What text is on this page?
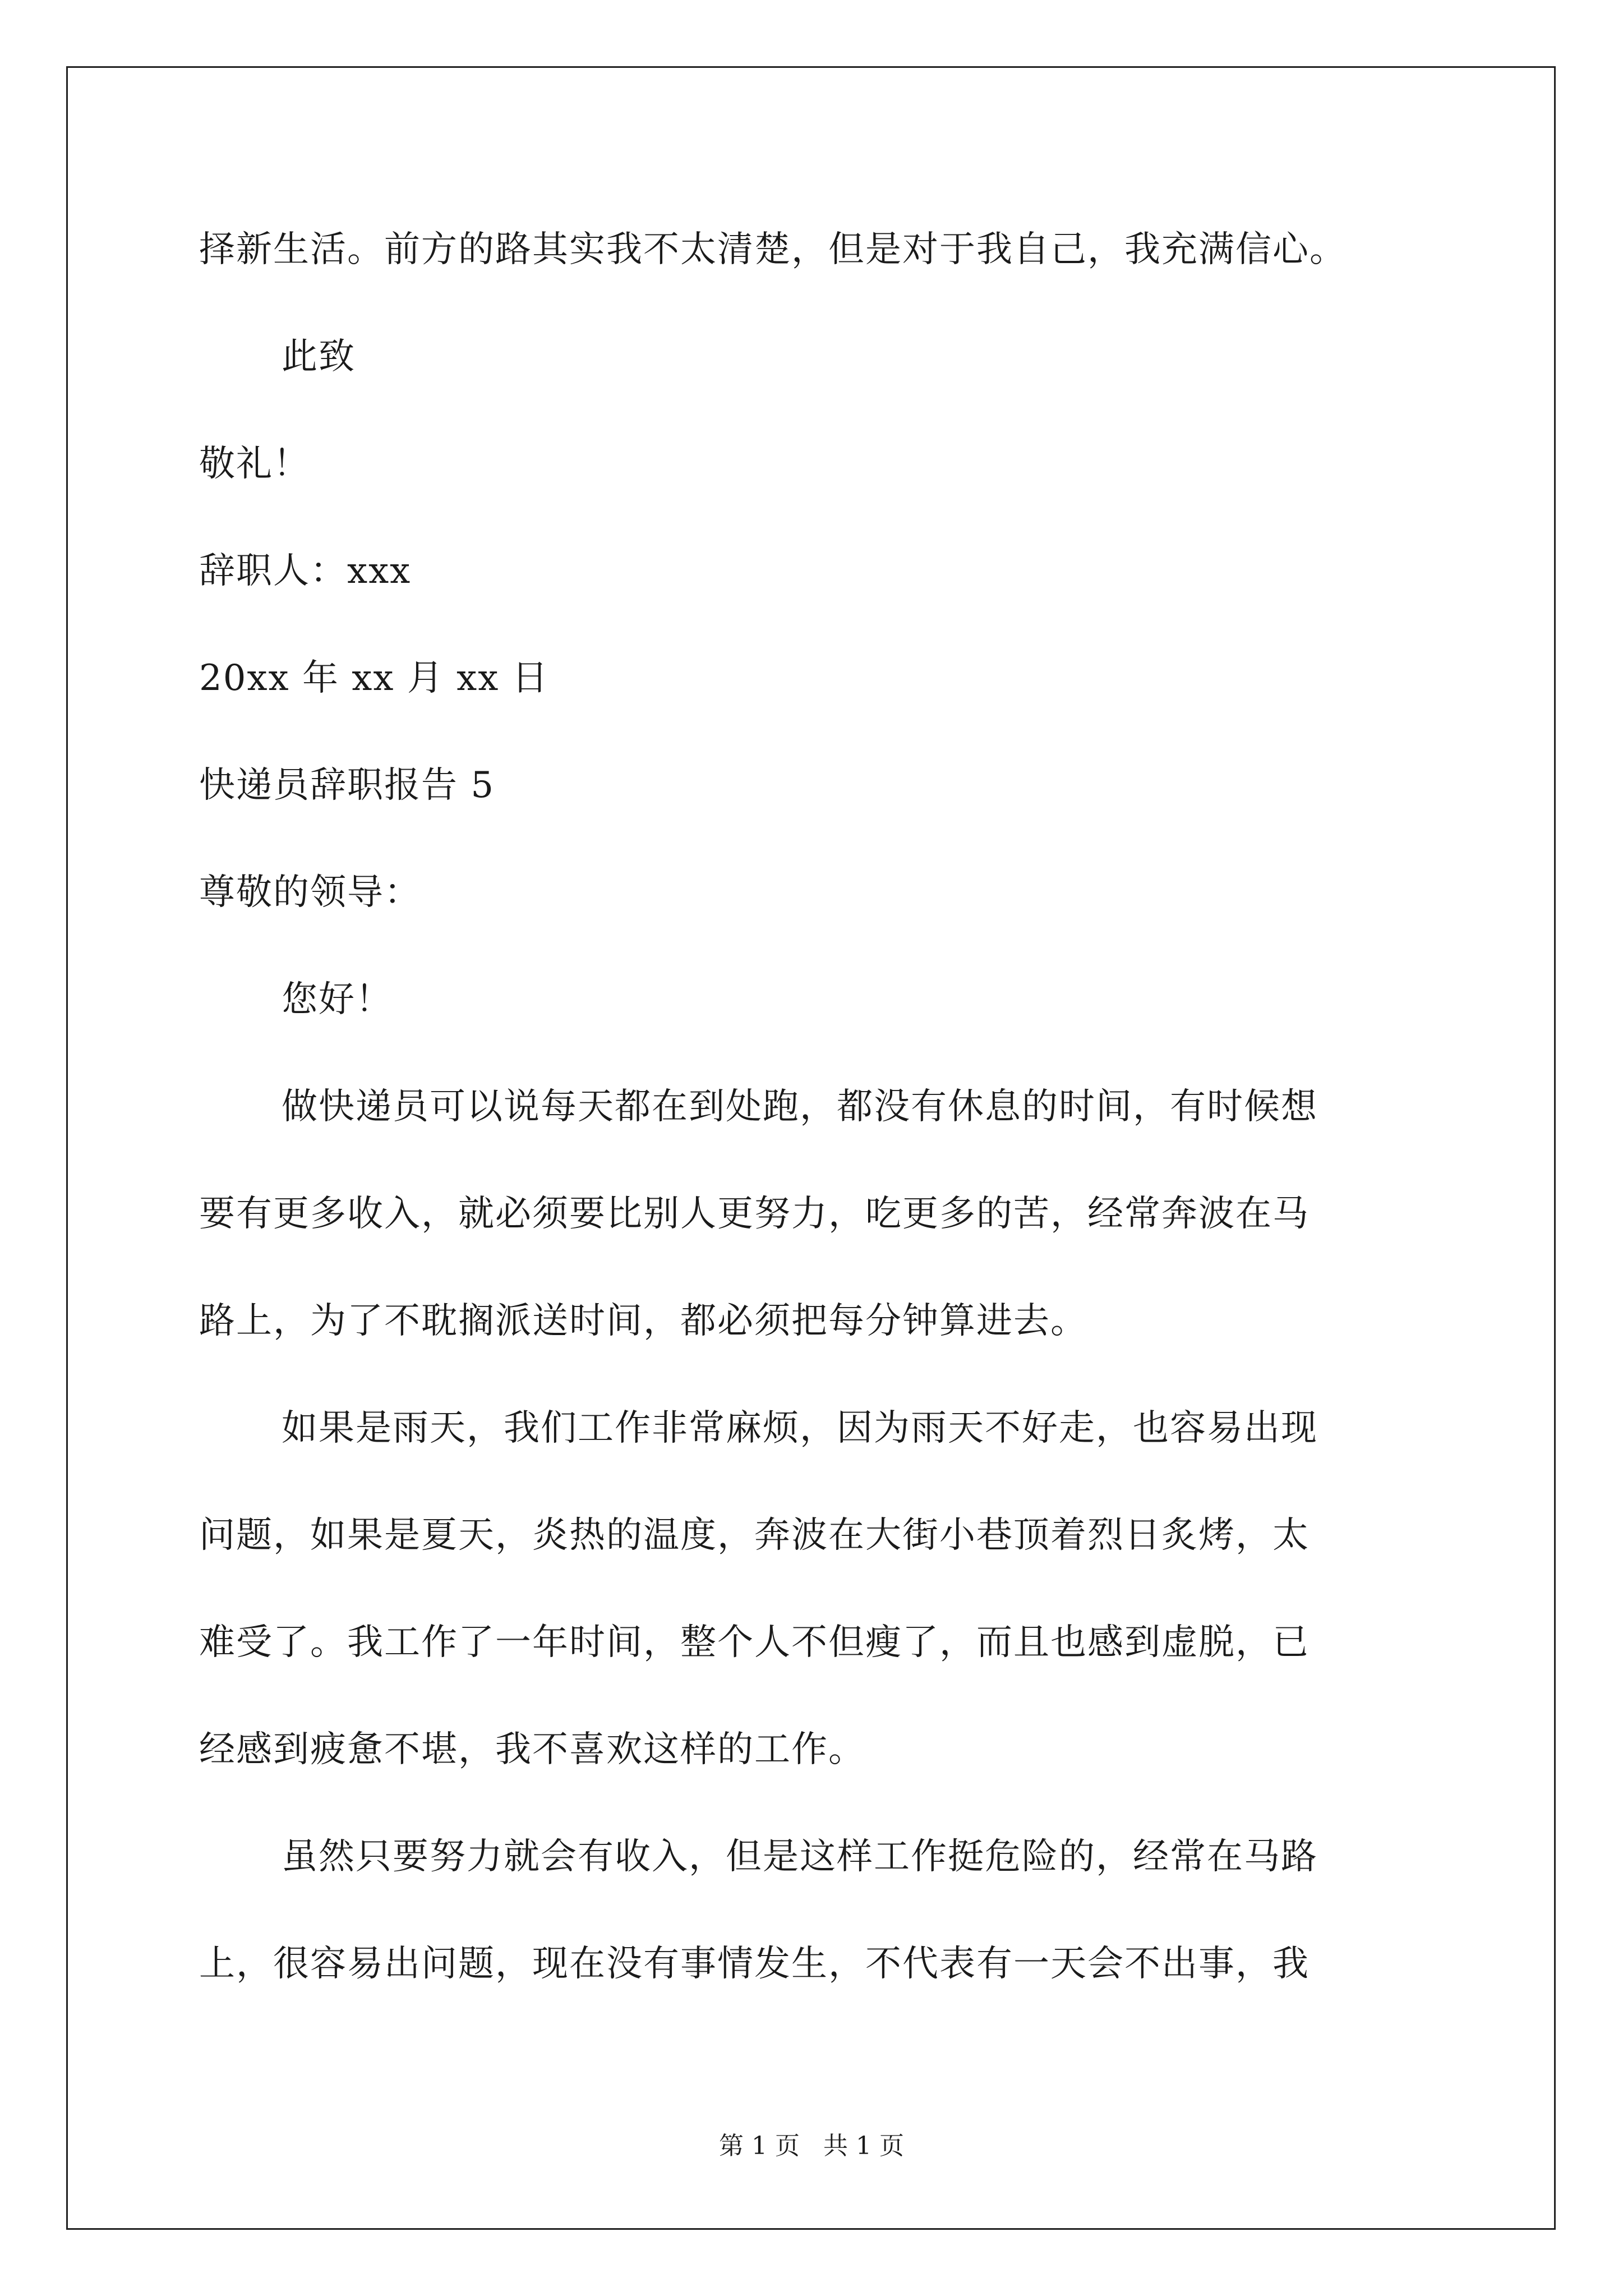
择新生活。前方的路其实我不太清楚，但是对于我自己，我充满信心。
此致
敬礼！
辞职人：xxx
20xx 年 xx 月 xx 日
快递员辞职报告 5
尊敬的领导：
您好！
做快递员可以说每天都在到处跑，都没有休息的时间，有时候想
要有更多收入，就必须要比别人更努力，吃更多的苦，经常奔波在马
路上，为了不耽搁派送时间，都必须把每分钟算进去。
如果是雨天，我们工作非常麻烦，因为雨天不好走，也容易出现
问题，如果是夏天，炎热的温度，奔波在大街小巷顶着烈日炙烤，太
难受了。我工作了一年时间，整个人不但瘦了，而且也感到虚脱，已
经感到疲惫不堪，我不喜欢这样的工作。
虽然只要努力就会有收入，但是这样工作挺危险的，经常在马路
上，很容易出问题，现在没有事情发生，不代表有一天会不出事，我
第 1 页   共 1 页
